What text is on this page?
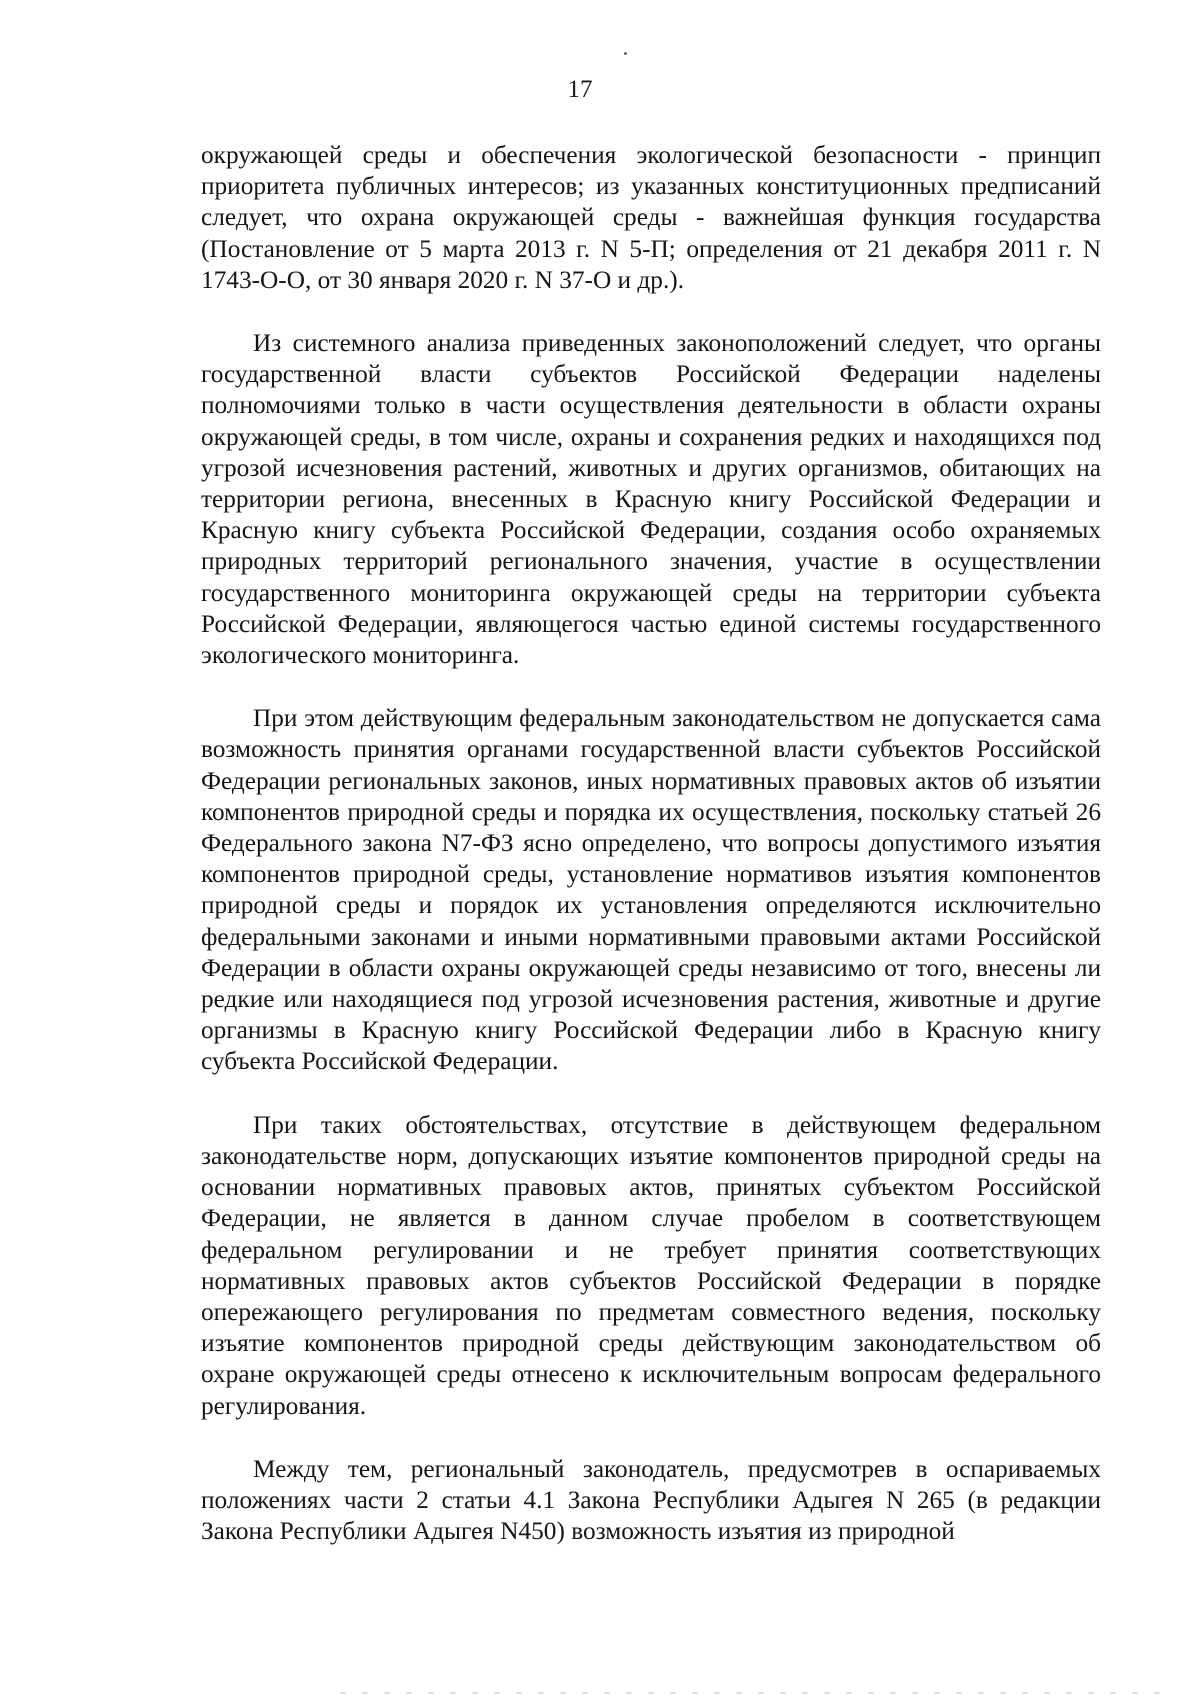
17

окружающей среды и обеспечения экологической безопасности - принцип приоритета публичных интересов; из указанных конституционных предписаний следует, что охрана окружающей среды - важнейшая функция государства (Постановление от 5 марта 2013 г. N 5-П; определения от 21 декабря 2011 г. N 1743-О-О, от 30 января 2020 г. N 37-О и др.).

Из системного анализа приведенных законоположений следует, что органы государственной власти субъектов Российской Федерации наделены полномочиями только в части осуществления деятельности в области охраны окружающей среды, в том числе, охраны и сохранения редких и находящихся под угрозой исчезновения растений, животных и других организмов, обитающих на территории региона, внесенных в Красную книгу Российской Федерации и Красную книгу субъекта Российской Федерации, создания особо охраняемых природных территорий регионального значения, участие в осуществлении государственного мониторинга окружающей среды на территории субъекта Российской Федерации, являющегося частью единой системы государственного экологического мониторинга.

При этом действующим федеральным законодательством не допускается сама возможность принятия органами государственной власти субъектов Российской Федерации региональных законов, иных нормативных правовых актов об изъятии компонентов природной среды и порядка их осуществления, поскольку статьей 26 Федерального закона N7-ФЗ ясно определено, что вопросы допустимого изъятия компонентов природной среды, установление нормативов изъятия компонентов природной среды и порядок их установления определяются исключительно федеральными законами и иными нормативными правовыми актами Российской Федерации в области охраны окружающей среды независимо от того, внесены ли редкие или находящиеся под угрозой исчезновения растения, животные и другие организмы в Красную книгу Российской Федерации либо в Красную книгу субъекта Российской Федерации.

При таких обстоятельствах, отсутствие в действующем федеральном законодательстве норм, допускающих изъятие компонентов природной среды на основании нормативных правовых актов, принятых субъектом Российской Федерации, не является в данном случае пробелом в соответствующем федеральном регулировании и не требует принятия соответствующих нормативных правовых актов субъектов Российской Федерации в порядке опережающего регулирования по предметам совместного ведения, поскольку изъятие компонентов природной среды действующим законодательством об охране окружающей среды отнесено к исключительным вопросам федерального регулирования.

Между тем, региональный законодатель, предусмотрев в оспариваемых положениях части 2 статьи 4.1 Закона Республики Адыгея N 265 (в редакции Закона Республики Адыгея N450) возможность изъятия из природной
